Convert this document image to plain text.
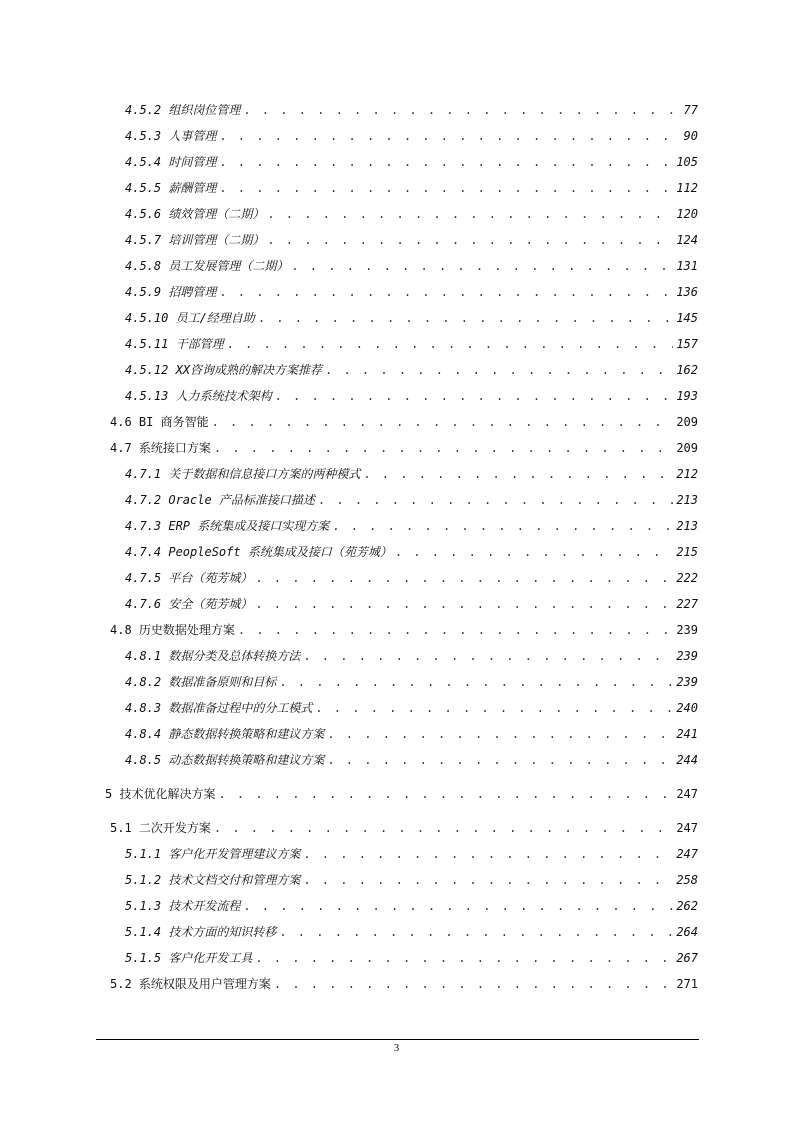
4.5.2 组织岗位管理 . . .	77
4.5.3 人事管理 . . .	90
4.5.4 时间管理 . . .	105
4.5.5 薪酬管理 . . .	112
4.5.6 绩效管理（二期） . . .	120
4.5.7 培训管理（二期） . . .	124
4.5.8 员工发展管理（二期） . . .	131
4.5.9 招聘管理 . . .	136
4.5.10 员工/经理自助 . . .	145
4.5.11 干部管理 . . .	157
4.5.12 XX咨询成熟的解决方案推荐 . . .	162
4.5.13 人力系统技术架构 . . .	193
4.6 BI 商务智能 . . .	209
4.7 系统接口方案 . . .	209
4.7.1 关于数据和信息接口方案的两种模式 . . .	212
4.7.2 Oracle 产品标准接口描述 . . .	213
4.7.3 ERP 系统集成及接口实现方案 . . .	213
4.7.4 PeopleSoft 系统集成及接口（苑芳城） . . .	215
4.7.5 平台（苑芳城） . . .	222
4.7.6 安全（苑芳城） . . .	227
4.8 历史数据处理方案 . . .	239
4.8.1 数据分类及总体转换方法 . . .	239
4.8.2 数据准备原则和目标 . . .	239
4.8.3 数据准备过程中的分工模式 . . .	240
4.8.4 静态数据转换策略和建议方案 . . .	241
4.8.5 动态数据转换策略和建议方案 . . .	244
5 技术优化解决方案 . . .	247
5.1 二次开发方案 . . .	247
5.1.1 客户化开发管理建议方案 . . .	247
5.1.2 技术文档交付和管理方案 . . .	258
5.1.3 技术开发流程 . . .	262
5.1.4 技术方面的知识转移 . . .	264
5.1.5 客户化开发工具 . . .	267
5.2 系统权限及用户管理方案 . . .	271
3
